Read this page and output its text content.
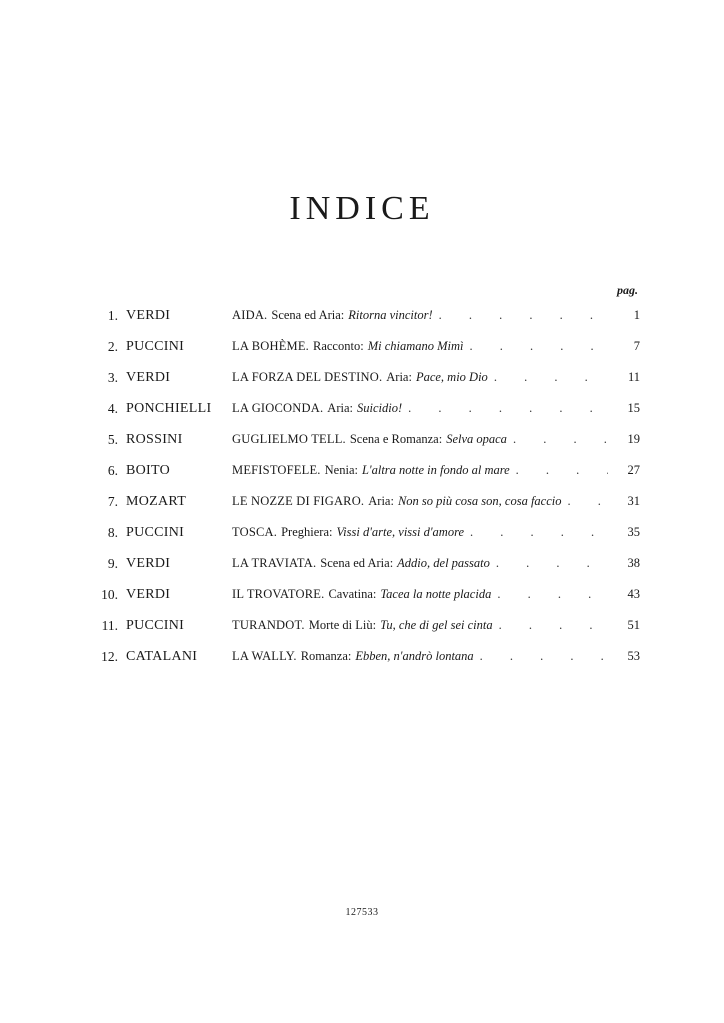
INDICE
pag.
1. VERDI	AIDA. Scena ed Aria: Ritorna vincitor! . . .	1
2. PUCCINI	LA BOHÈME. Racconto: Mi chiamano Mimì . . .	7
3. VERDI	LA FORZA DEL DESTINO. Aria: Pace, mio Dio . . .	11
4. PONCHIELLI	LA GIOCONDA. Aria: Suicidio! . . .	15
5. ROSSINI	GUGLIELMO TELL. Scena e Romanza: Selva opaca . . .	19
6. BOITO	MEFISTOFELE. Nenia: L'altra notte in fondo al mare . . .	27
7. MOZART	LE NOZZE DI FIGARO. Aria: Non so più cosa son, cosa faccio . . .	31
8. PUCCINI	TOSCA. Preghiera: Vissi d'arte, vissi d'amore . . .	35
9. VERDI	LA TRAVIATA. Scena ed Aria: Addio, del passato . . .	38
10. VERDI	IL TROVATORE. Cavatina: Tacea la notte placida . . .	43
11. PUCCINI	TURANDOT. Morte di Liù: Tu, che di gel sei cinta . . .	51
12. CATALANI	LA WALLY. Romanza: Ebben, n'andrò lontana . . .	53
127533
